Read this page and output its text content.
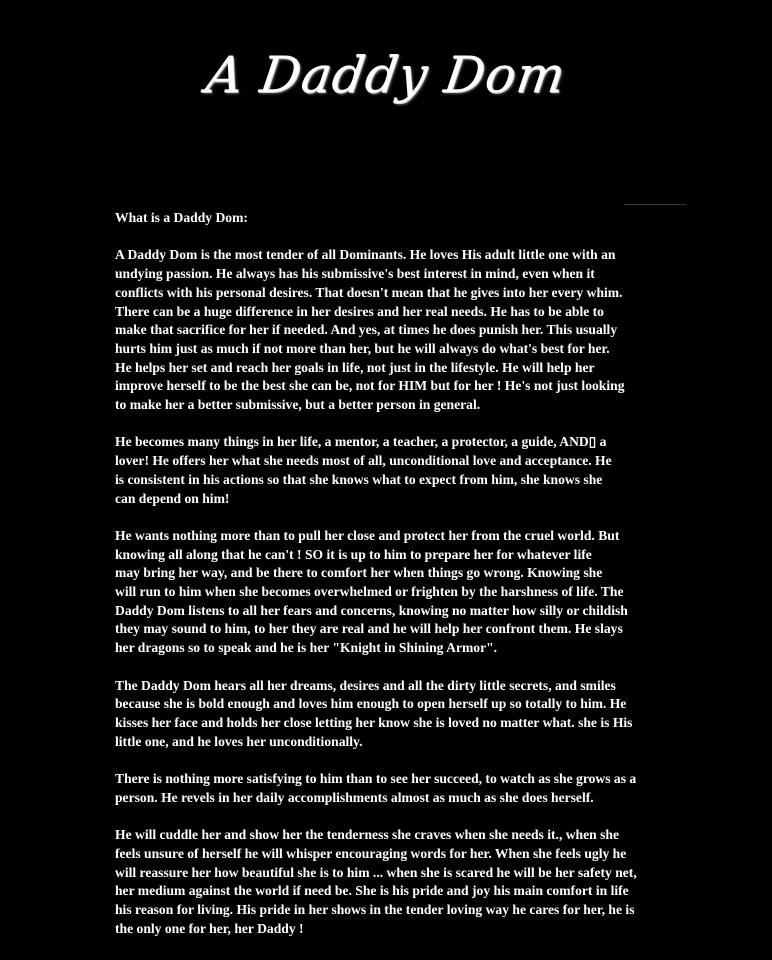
A Daddy Dom
What is a Daddy Dom:
A Daddy Dom is the most tender of all Dominants. He loves His adult little one with an
undying passion. He always has his submissive's best interest in mind, even when it
conflicts with his personal desires. That doesn't mean that he gives into her every whim.
There can be a huge difference in her desires and her real needs. He has to be able to
make that sacrifice for her if needed. And yes, at times he does punish her. This usually
hurts him just as much if not more than her, but he will always do what's best for her.
He helps her set and reach her goals in life, not just in the lifestyle. He will help her
improve herself to be the best she can be, not for HIM but for her ! He's not just looking
to make her a better submissive, but a better person in general.
He becomes many things in her life, a mentor, a teacher, a protector, a guide, AND▯ a
lover! He offers her what she needs most of all, unconditional love and acceptance. He
is consistent in his actions so that she knows what to expect from him, she knows she
can depend on him!
He wants nothing more than to pull her close and protect her from the cruel world. But
knowing all along that he can't ! SO it is up to him to prepare her for whatever life
may bring her way, and be there to comfort her when things go wrong. Knowing she
will run to him when she becomes overwhelmed or frighten by the harshness of life. The
Daddy Dom listens to all her fears and concerns, knowing no matter how silly or childish
they may sound to him, to her they are real and he will help her confront them. He slays
her dragons so to speak and he is her "Knight in Shining Armor".
The Daddy Dom hears all her dreams, desires and all the dirty little secrets, and smiles
because she is bold enough and loves him enough to open herself up so totally to him. He
kisses her face and holds her close letting her know she is loved no matter what. she is His
little one, and he loves her unconditionally.
There is nothing more satisfying to him than to see her succeed, to watch as she grows as a
person. He revels in her daily accomplishments almost as much as she does herself.
He will cuddle her and show her the tenderness she craves when she needs it., when she
feels unsure of herself he will whisper encouraging words for her. When she feels ugly he
will reassure her how beautiful she is to him ... when she is scared he will be her safety net,
her medium against the world if need be. She is his pride and joy his main comfort in life
his reason for living. His pride in her shows in the tender loving way he cares for her, he is
the only one for her, her Daddy !
